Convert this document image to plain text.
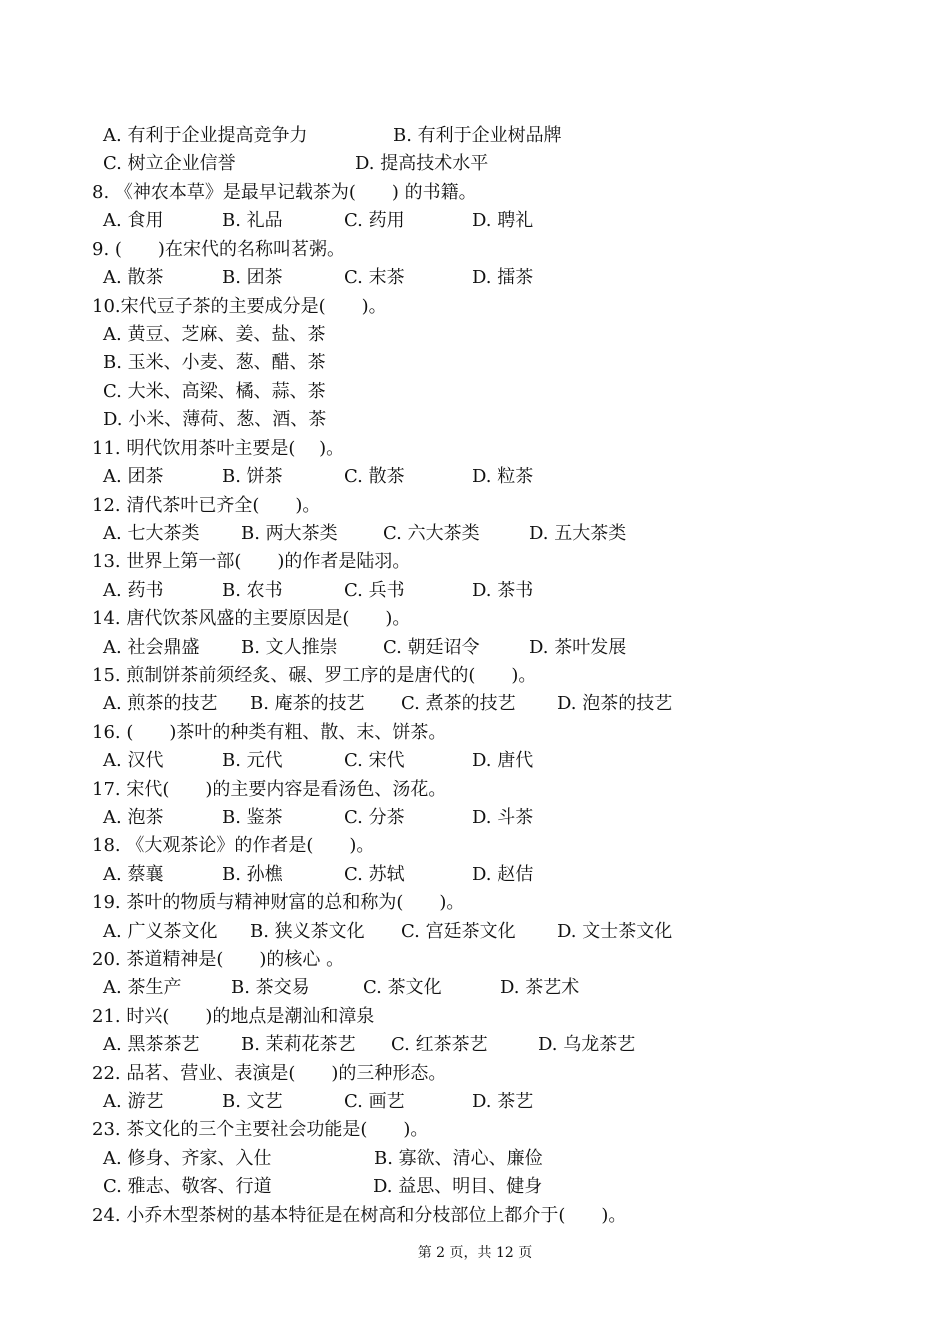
A. 有利于企业提高竞争力	B. 有利于企业树品牌
C. 树立企业信誉	D. 提高技术水平
8. 《神农本草》是最早记载茶为(　　) 的书籍。
A. 食用	B. 礼品	C. 药用	D. 聘礼
9. (　　)在宋代的名称叫茗粥。
A. 散茶	B. 团茶	C. 末茶	D. 擂茶
10.宋代豆子茶的主要成分是(　　)。
A. 黄豆、芝麻、姜、盐、茶
B. 玉米、小麦、葱、醋、茶
C. 大米、高梁、橘、蒜、茶
D. 小米、薄荷、葱、酒、茶
11. 明代饮用茶叶主要是(　 )。
A. 团茶	B. 饼茶	C. 散茶	D. 粒茶
12. 清代茶叶已齐全(　　)。
A. 七大茶类 B. 两大茶类	C. 六大茶类	D. 五大茶类
13. 世界上第一部(　　)的作者是陆羽。
A. 药书	B. 农书	C. 兵书	D. 茶书
14. 唐代饮茶风盛的主要原因是(　　)。
A. 社会鼎盛 B. 文人推崇	C. 朝廷诏令	D. 茶叶发展
15. 煎制饼茶前须经炙、碾、罗工序的是唐代的(　　)。
A. 煎茶的技艺 B. 庵茶的技艺 C. 煮茶的技艺 D. 泡茶的技艺
16. (　　)茶叶的种类有粗、散、末、饼茶。
A. 汉代	B. 元代	C. 宋代	D. 唐代
17. 宋代(　　)的主要内容是看汤色、汤花。
A. 泡茶	B. 鉴茶	C. 分茶	D. 斗茶
18. 《大观茶论》的作者是(　　)。
A. 蔡襄	B. 孙樵	C. 苏轼	D. 赵佶
19. 茶叶的物质与精神财富的总和称为(　　)。
A. 广义茶文化 B. 狭义茶文化 C. 宫廷茶文化 D. 文士茶文化
20. 茶道精神是(　　)的核心 。
A. 茶生产	B. 茶交易	C. 茶文化	D. 茶艺术
21. 时兴(　　)的地点是潮汕和漳泉
A. 黑茶茶艺 B. 茉莉花茶艺 C. 红茶茶艺	D. 乌龙茶艺
22. 品茗、营业、表演是(　　)的三种形态。
A. 游艺	B. 文艺	C. 画艺	D. 茶艺
23. 茶文化的三个主要社会功能是(　　)。
A. 修身、齐家、入仕	B. 寡欲、清心、廉俭
C. 雅志、敬客、行道	D. 益思、明目、健身
24. 小乔木型茶树的基本特征是在树高和分枝部位上都介于(　　)。
第 2 页，共 12 页
